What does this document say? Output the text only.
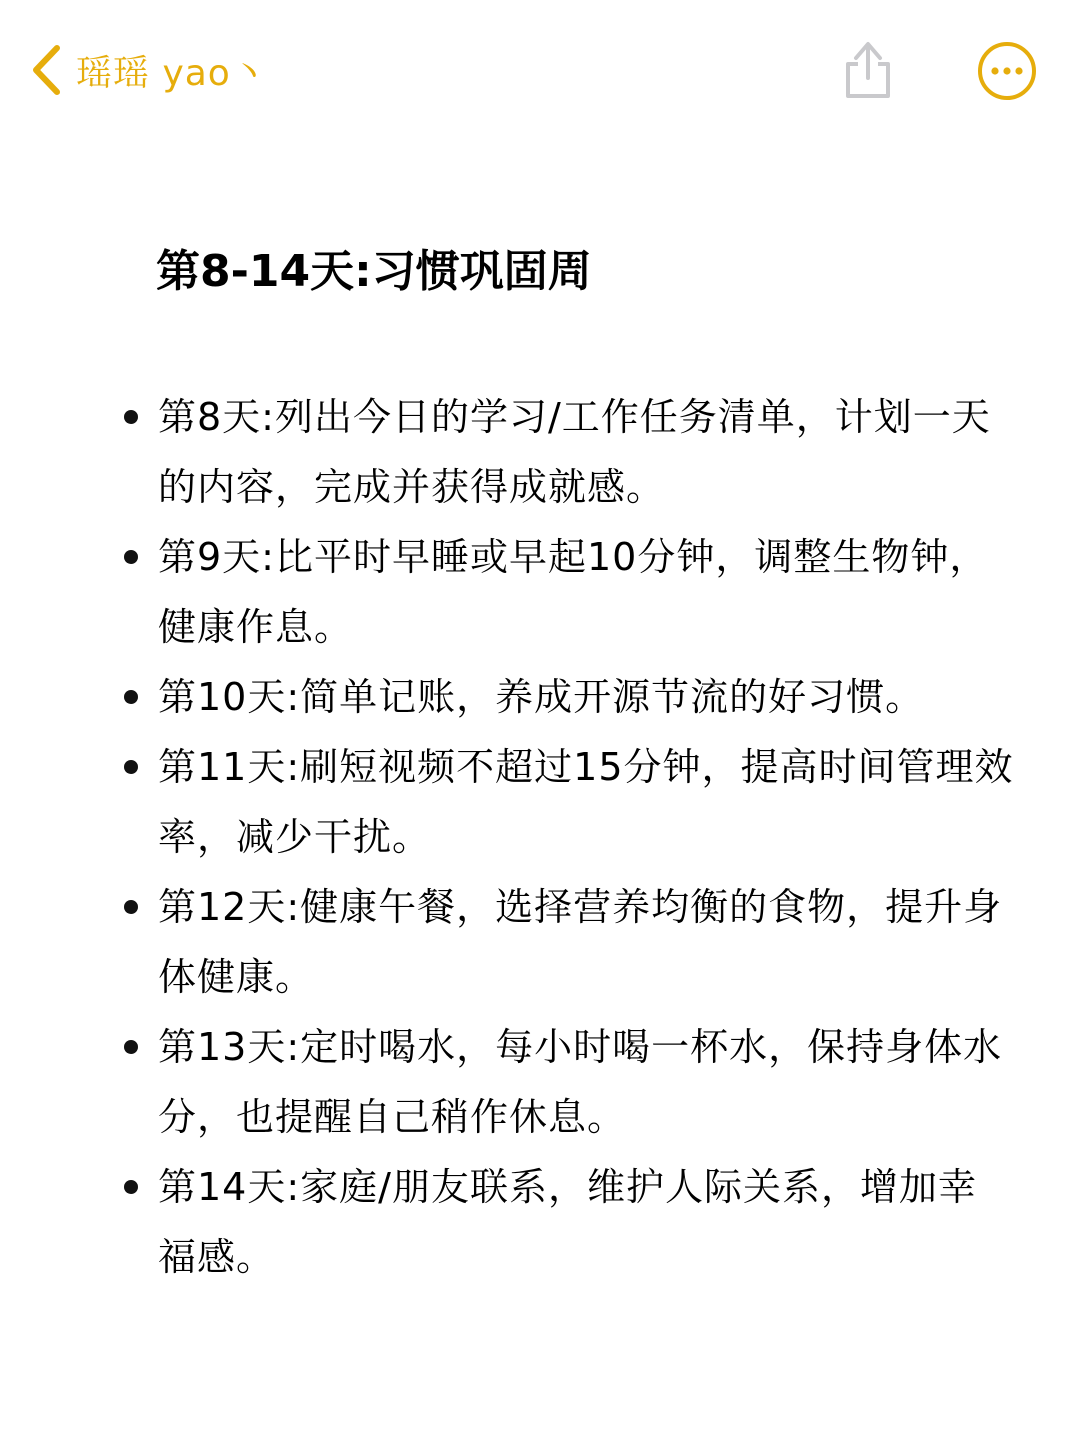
瑶瑶 yao丶
第8-14天:习惯巩固周
第8天:列出今日的学习/工作任务清单，计划一天的内容，完成并获得成就感。
第9天:比平时早睡或早起10分钟，调整生物钟，健康作息。
第10天:简单记账，养成开源节流的好习惯。
第11天:刷短视频不超过15分钟，提高时间管理效率，减少干扰。
第12天:健康午餐，选择营养均衡的食物，提升身体健康。
第13天:定时喝水，每小时喝一杯水，保持身体水分，也提醒自己稍作休息。
第14天:家庭/朋友联系，维护人际关系，增加幸福感。
